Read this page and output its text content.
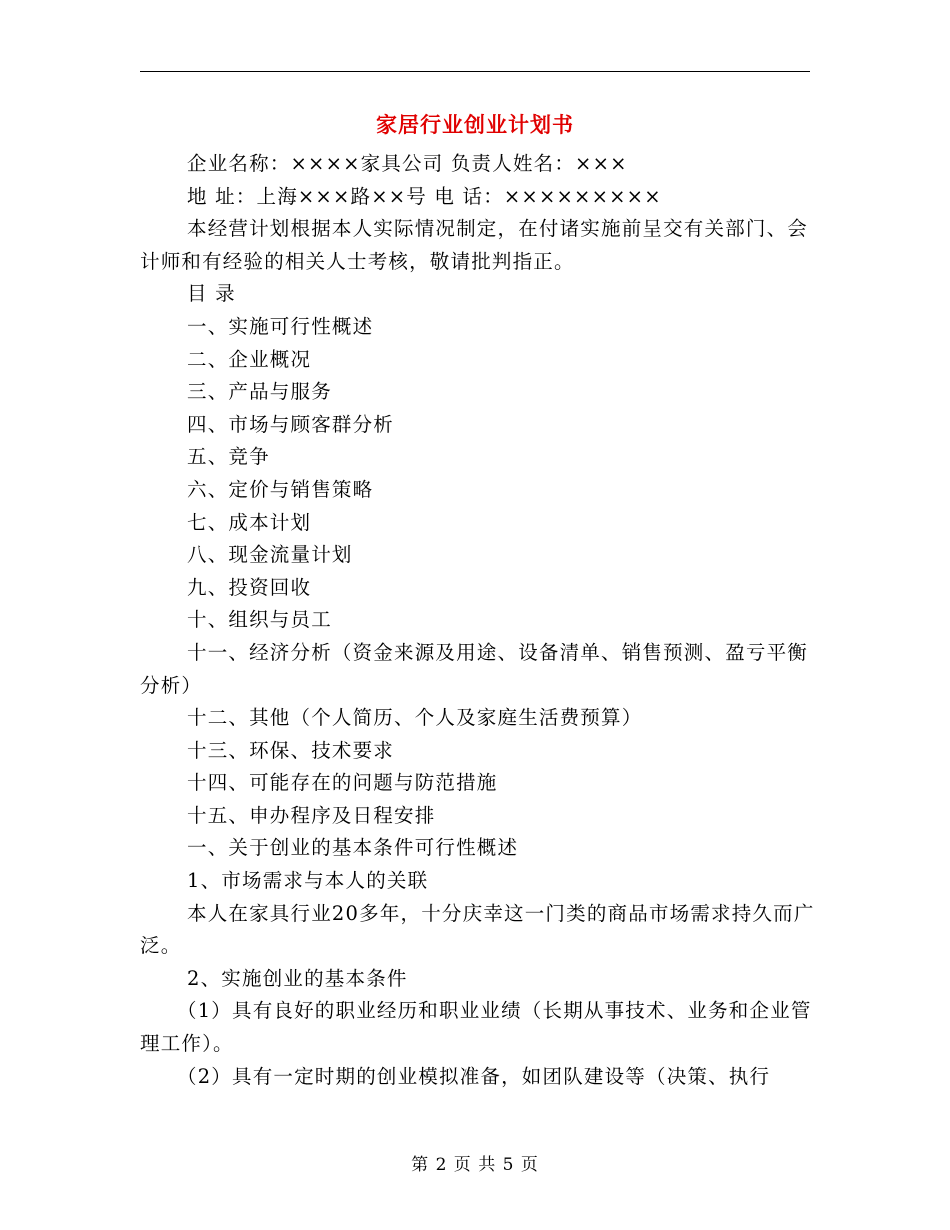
家居行业创业计划书

企业名称：××××家具公司 负责人姓名：×××

地 址：上海×××路××号 电 话：×××××××××

本经营计划根据本人实际情况制定，在付诸实施前呈交有关部门、会计师和有经验的相关人士考核，敬请批判指正。

目 录

一、实施可行性概述

二、企业概况

三、产品与服务

四、市场与顾客群分析

五、竞争

六、定价与销售策略

七、成本计划

八、现金流量计划

九、投资回收

十、组织与员工

十一、经济分析（资金来源及用途、设备清单、销售预测、盈亏平衡分析）

十二、其他（个人简历、个人及家庭生活费预算）

十三、环保、技术要求

十四、可能存在的问题与防范措施

十五、申办程序及日程安排

一、关于创业的基本条件可行性概述

1、市场需求与本人的关联

本人在家具行业20多年，十分庆幸这一门类的商品市场需求持久而广泛。

2、实施创业的基本条件

（1）具有良好的职业经历和职业业绩（长期从事技术、业务和企业管理工作）。

（2）具有一定时期的创业模拟准备，如团队建设等（决策、执行

第 2 页 共 5 页
